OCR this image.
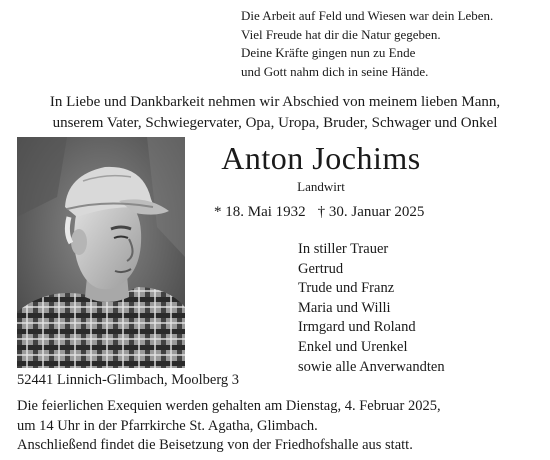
Die Arbeit auf Feld und Wiesen war dein Leben.
Viel Freude hat dir die Natur gegeben.
Deine Kräfte gingen nun zu Ende
und Gott nahm dich in seine Hände.
In Liebe und Dankbarkeit nehmen wir Abschied von meinem lieben Mann,
unserem Vater, Schwiegervater, Opa, Uropa, Bruder, Schwager und Onkel
Anton Jochims
Landwirt
* 18. Mai 1932 † 30. Januar 2025
In stiller Trauer
Gertrud
Trude und Franz
Maria und Willi
Irmgard und Roland
Enkel und Urenkel
sowie alle Anverwandten
52441 Linnich-Glimbach, Moolberg 3
Die feierlichen Exequien werden gehalten am Dienstag, 4. Februar 2025,
um 14 Uhr in der Pfarrkirche St. Agatha, Glimbach.
Anschließend findet die Beisetzung von der Friedhofshalle aus statt.
